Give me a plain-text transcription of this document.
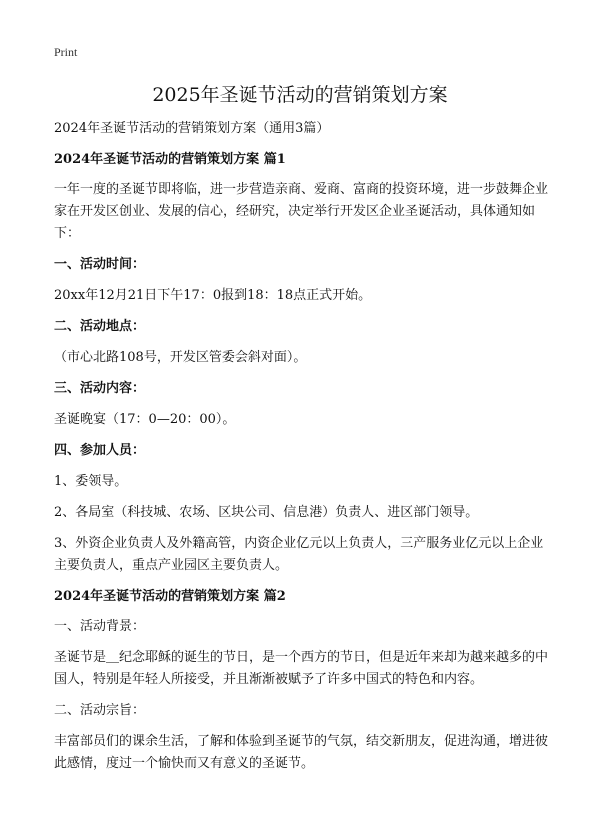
Print
2025年圣诞节活动的营销策划方案

2024年圣诞节活动的营销策划方案（通用3篇）

2024年圣诞节活动的营销策划方案 篇1

一年一度的圣诞节即将临，进一步营造亲商、爱商、富商的投资环境，进一步鼓舞企业家在开发区创业、发展的信心，经研究，决定举行开发区企业圣诞活动，具体通知如下：

一、活动时间：

20xx年12月21日下午17：0报到18：18点正式开始。

二、活动地点：

（市心北路108号，开发区管委会斜对面）。

三、活动内容：

圣诞晚宴（17：0—20：00）。

四、参加人员：

1、委领导。

2、各局室（科技城、农场、区块公司、信息港）负责人、进区部门领导。

3、外资企业负责人及外籍高管，内资企业亿元以上负责人，三产服务业亿元以上企业主要负责人，重点产业园区主要负责人。

2024年圣诞节活动的营销策划方案 篇2

一、活动背景：

圣诞节是＿纪念耶稣的诞生的节日，是一个西方的节日，但是近年来却为越来越多的中国人，特别是年轻人所接受，并且渐渐被赋予了许多中国式的特色和内容。

二、活动宗旨：

丰富部员们的课余生活，了解和体验到圣诞节的气氛，结交新朋友，促进沟通，增进彼此感情，度过一个愉快而又有意义的圣诞节。
